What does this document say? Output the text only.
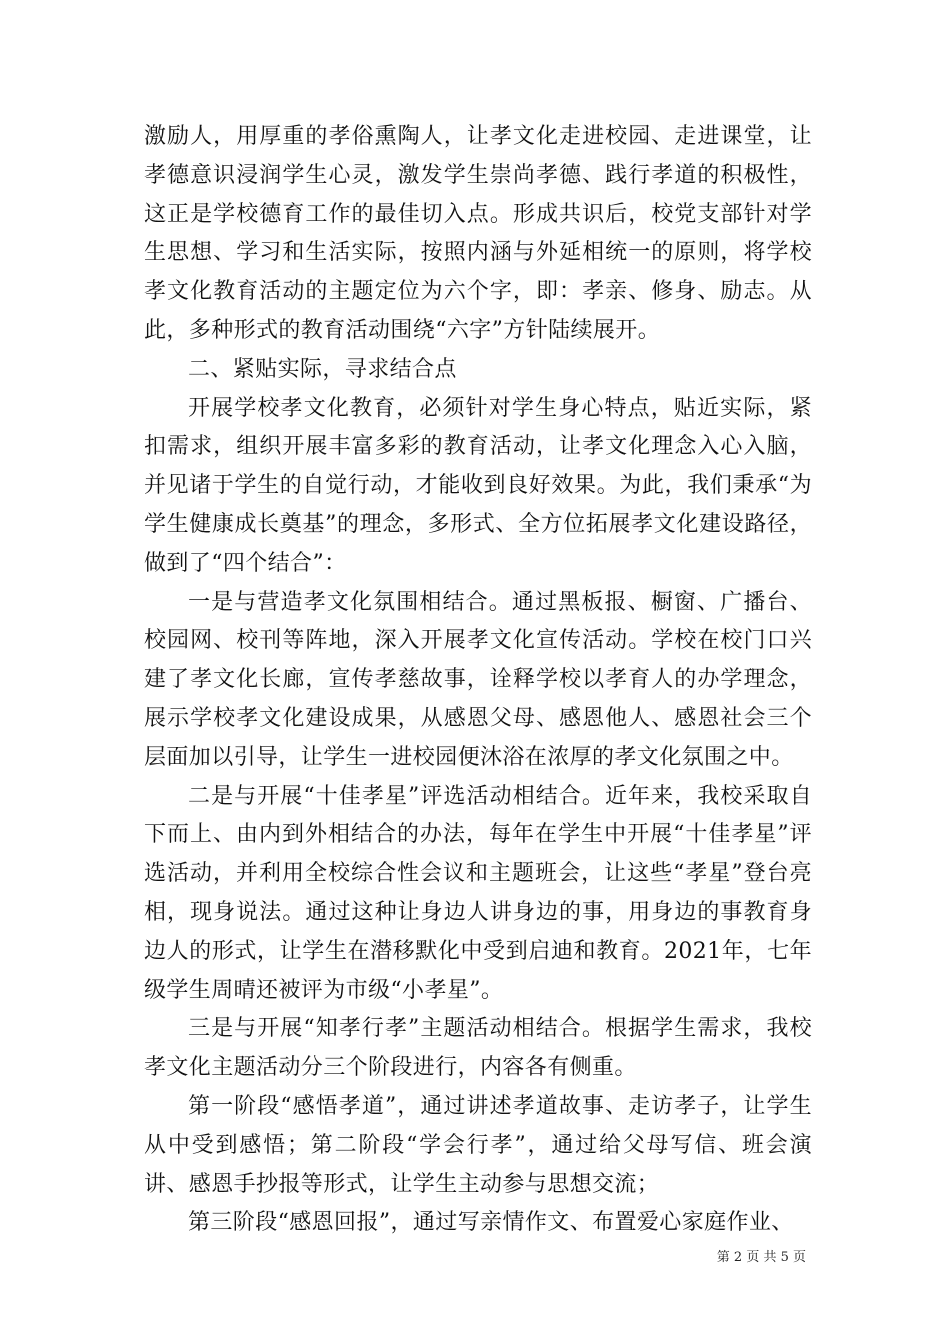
激励人，用厚重的孝俗熏陶人，让孝文化走进校园、走进课堂，让孝德意识浸润学生心灵，激发学生崇尚孝德、践行孝道的积极性，这正是学校德育工作的最佳切入点。形成共识后，校党支部针对学生思想、学习和生活实际，按照内涵与外延相统一的原则，将学校孝文化教育活动的主题定位为六个字，即：孝亲、修身、励志。从此，多种形式的教育活动围绕“六字”方针陆续展开。

二、紧贴实际，寻求结合点

开展学校孝文化教育，必须针对学生身心特点，贴近实际，紧扣需求，组织开展丰富多彩的教育活动，让孝文化理念入心入脑，并见诸于学生的自觉行动，才能收到良好效果。为此，我们秉承“为学生健康成长奠基”的理念，多形式、全方位拓展孝文化建设路径，做到了“四个结合”：

一是与营造孝文化氛围相结合。通过黑板报、橱窗、广播台、校园网、校刊等阵地，深入开展孝文化宣传活动。学校在校门口兴建了孝文化长廊，宣传孝慈故事，诠释学校以孝育人的办学理念，展示学校孝文化建设成果，从感恩父母、感恩他人、感恩社会三个层面加以引导，让学生一进校园便沐浴在浓厚的孝文化氛围之中。

二是与开展“十佳孝星”评选活动相结合。近年来，我校采取自下而上、由内到外相结合的办法，每年在学生中开展“十佳孝星”评选活动，并利用全校综合性会议和主题班会，让这些“孝星”登台亮相，现身说法。通过这种让身边人讲身边的事，用身边的事教育身边人的形式，让学生在潜移默化中受到启迪和教育。2021年，七年级学生周晴还被评为市级“小孝星”。

三是与开展“知孝行孝”主题活动相结合。根据学生需求，我校孝文化主题活动分三个阶段进行，内容各有侧重。

第一阶段“感悟孝道”，通过讲述孝道故事、走访孝子，让学生从中受到感悟；第二阶段“学会行孝”，通过给父母写信、班会演讲、感恩手抄报等形式，让学生主动参与思想交流；

第三阶段“感恩回报”，通过写亲情作文、布置爱心家庭作业、

第 2 页 共 5 页
